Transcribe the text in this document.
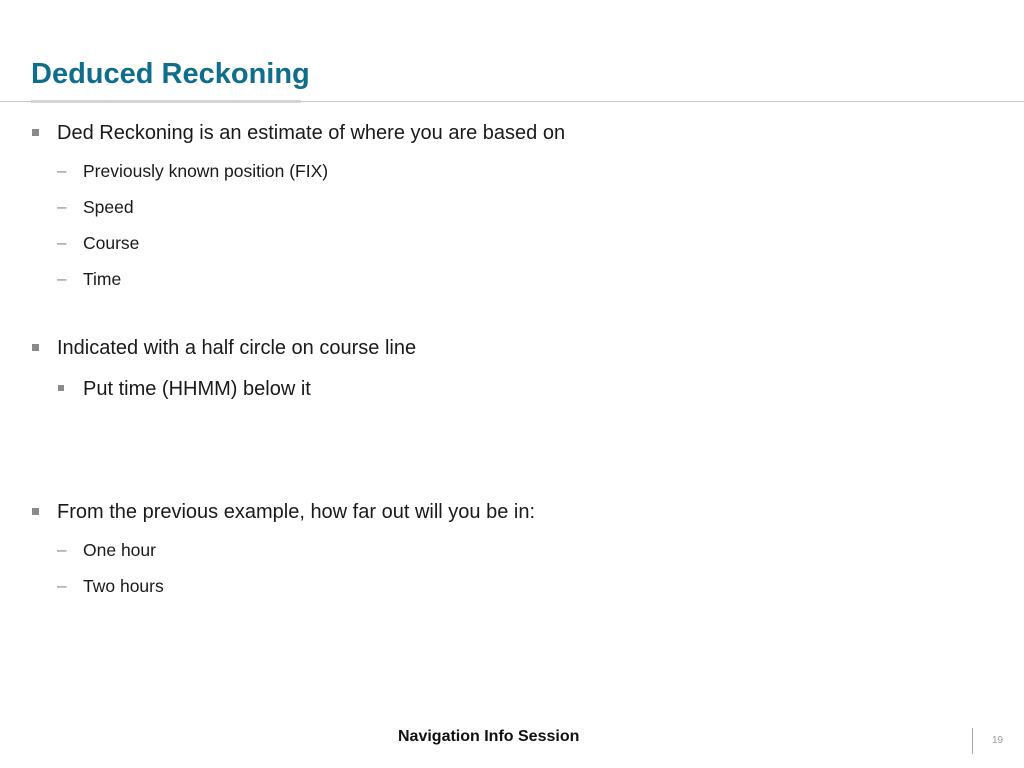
Deduced Reckoning
Ded Reckoning is an estimate of where you are based on
– Previously known position (FIX)
– Speed
– Course
– Time
Indicated with a half circle on course line
Put time (HHMM) below it
From the previous example, how far out will you be in:
– One hour
– Two hours
Navigation Info Session	19
